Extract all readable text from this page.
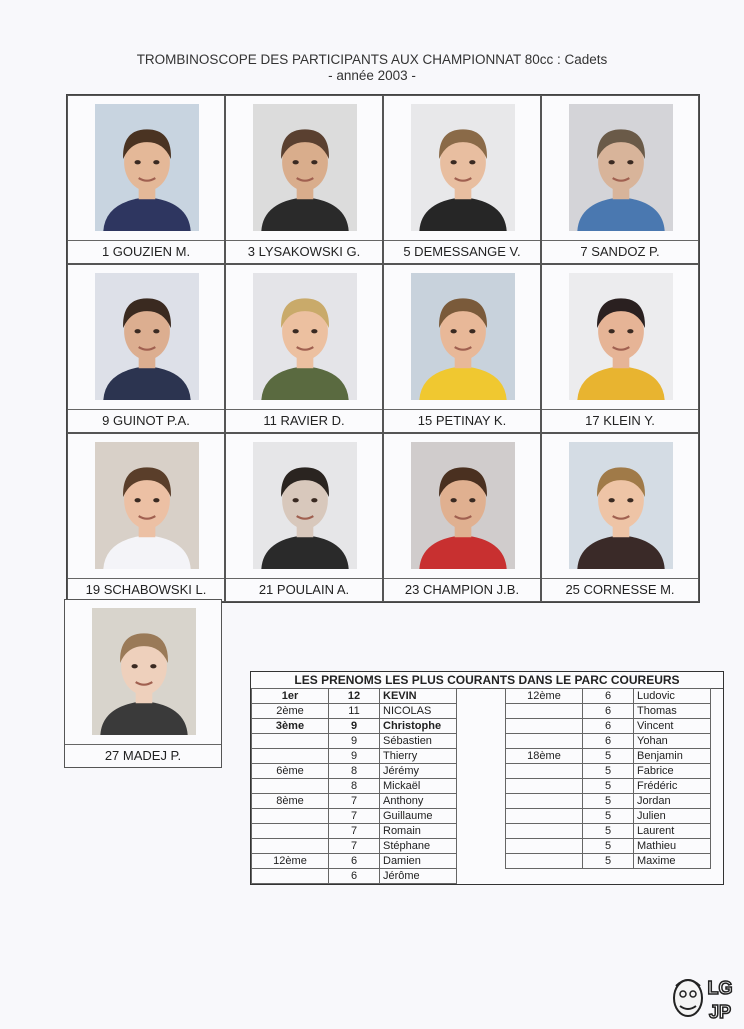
TROMBINOSCOPE DES PARTICIPANTS AUX CHAMPIONNAT 80cc : Cadets
- année 2003 -
1 GOUZIEN M.	3 LYSAKOWSKI G.	5 DEMESSANGE V.	7 SANDOZ P.
9 GUINOT P.A.	11 RAVIER D.	15 PETINAY K.	17 KLEIN Y.
19 SCHABOWSKI L.	21 POULAIN A.	23 CHAMPION J.B.	25 CORNESSE M.
27 MADEJ P.
LES PRENOMS LES PLUS COURANTS DANS LE PARC COUREURS
1er	12	KEVIN
2ème	11	NICOLAS
3ème	9	Christophe
	9	Sébastien
	9	Thierry
6ème	8	Jérémy
	8	Mickaël
8ème	7	Anthony
	7	Guillaume
	7	Romain
	7	Stéphane
12ème	6	Damien
	6	Jérôme
12ème	6	Ludovic
	6	Thomas
	6	Vincent
	6	Yohan
18ème	5	Benjamin
	5	Fabrice
	5	Frédéric
	5	Jordan
	5	Julien
	5	Laurent
	5	Mathieu
	5	Maxime
LG
JP
